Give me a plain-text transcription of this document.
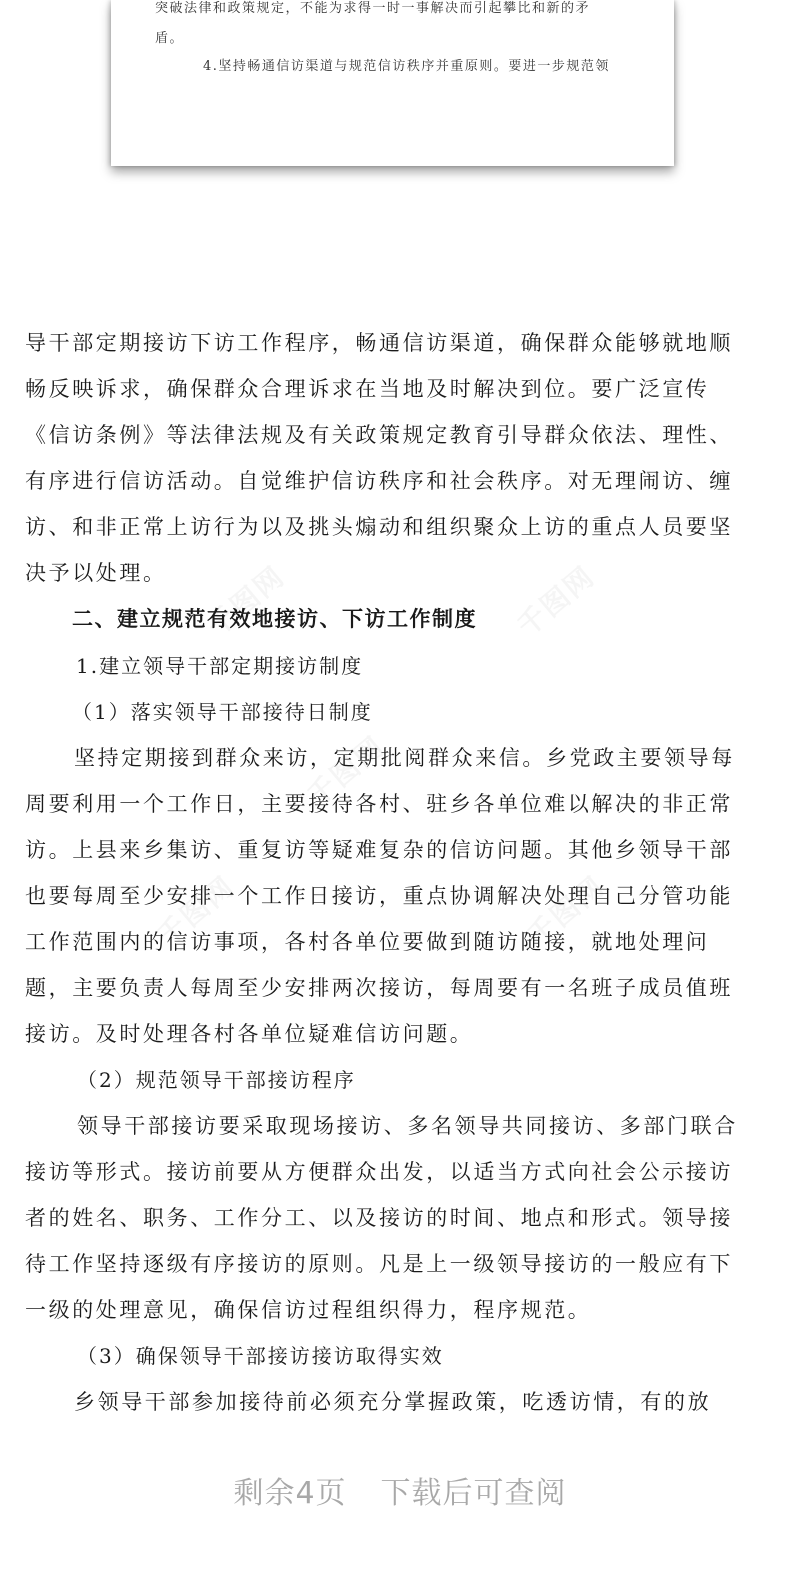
突破法律和政策规定，不能为求得一时一事解决而引起攀比和新的矛
盾。
4.坚持畅通信访渠道与规范信访秩序并重原则。要进一步规范领
千图网	千图网
千图网
千图网	千图网
导干部定期接访下访工作程序，畅通信访渠道，确保群众能够就地顺
畅反映诉求，确保群众合理诉求在当地及时解决到位。要广泛宣传
《信访条例》等法律法规及有关政策规定教育引导群众依法、理性、
有序进行信访活动。自觉维护信访秩序和社会秩序。对无理闹访、缠
访、和非正常上访行为以及挑头煽动和组织聚众上访的重点人员要坚
决予以处理。
二、建立规范有效地接访、下访工作制度
1.建立领导干部定期接访制度
（1）落实领导干部接待日制度
坚持定期接到群众来访，定期批阅群众来信。乡党政主要领导每
周要利用一个工作日，主要接待各村、驻乡各单位难以解决的非正常
访。上县来乡集访、重复访等疑难复杂的信访问题。其他乡领导干部
也要每周至少安排一个工作日接访，重点协调解决处理自己分管功能
工作范围内的信访事项，各村各单位要做到随访随接，就地处理问
题，主要负责人每周至少安排两次接访，每周要有一名班子成员值班
接访。及时处理各村各单位疑难信访问题。
（2）规范领导干部接访程序
领导干部接访要采取现场接访、多名领导共同接访、多部门联合
接访等形式。接访前要从方便群众出发，以适当方式向社会公示接访
者的姓名、职务、工作分工、以及接访的时间、地点和形式。领导接
待工作坚持逐级有序接访的原则。凡是上一级领导接访的一般应有下
一级的处理意见，确保信访过程组织得力，程序规范。
（3）确保领导干部接访接访取得实效
乡领导干部参加接待前必须充分掌握政策，吃透访情，有的放
剩余4页 下载后可查阅
